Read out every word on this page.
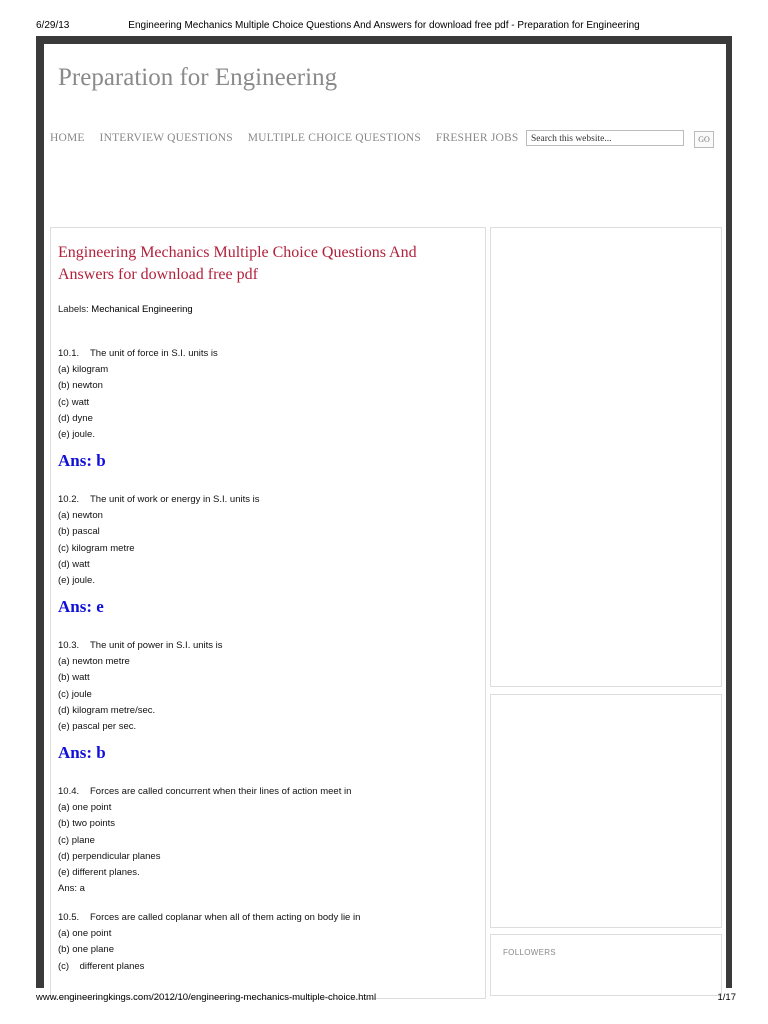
6/29/13	Engineering Mechanics Multiple Choice Questions And Answers for download free pdf - Preparation for Engineering
Preparation for Engineering
HOME INTERVIEW QUESTIONS MULTIPLE CHOICE QUESTIONS FRESHER JOBS	Search this website...	GO
Engineering Mechanics Multiple Choice Questions And Answers for download free pdf
Labels: Mechanical Engineering
10.1. The unit of force in S.I. units is
(a) kilogram
(b) newton
(c) watt
(d) dyne
(e) joule.
Ans: b
10.2. The unit of work or energy in S.I. units is
(a) newton
(b) pascal
(c) kilogram metre
(d) watt
(e) joule.
Ans: e
10.3. The unit of power in S.I. units is
(a) newton metre
(b) watt
(c) joule
(d) kilogram metre/sec.
(e) pascal per sec.
Ans: b
10.4. Forces are called concurrent when their lines of action meet in
(a) one point
(b) two points
(c) plane
(d) perpendicular planes
(e) different planes.
Ans: a
10.5. Forces are called coplanar when all of them acting on body lie in
(a) one point
(b) one plane
(c)    different planes
FOLLOWERS
www.engineeringkings.com/2012/10/engineering-mechanics-multiple-choice.html	1/17
